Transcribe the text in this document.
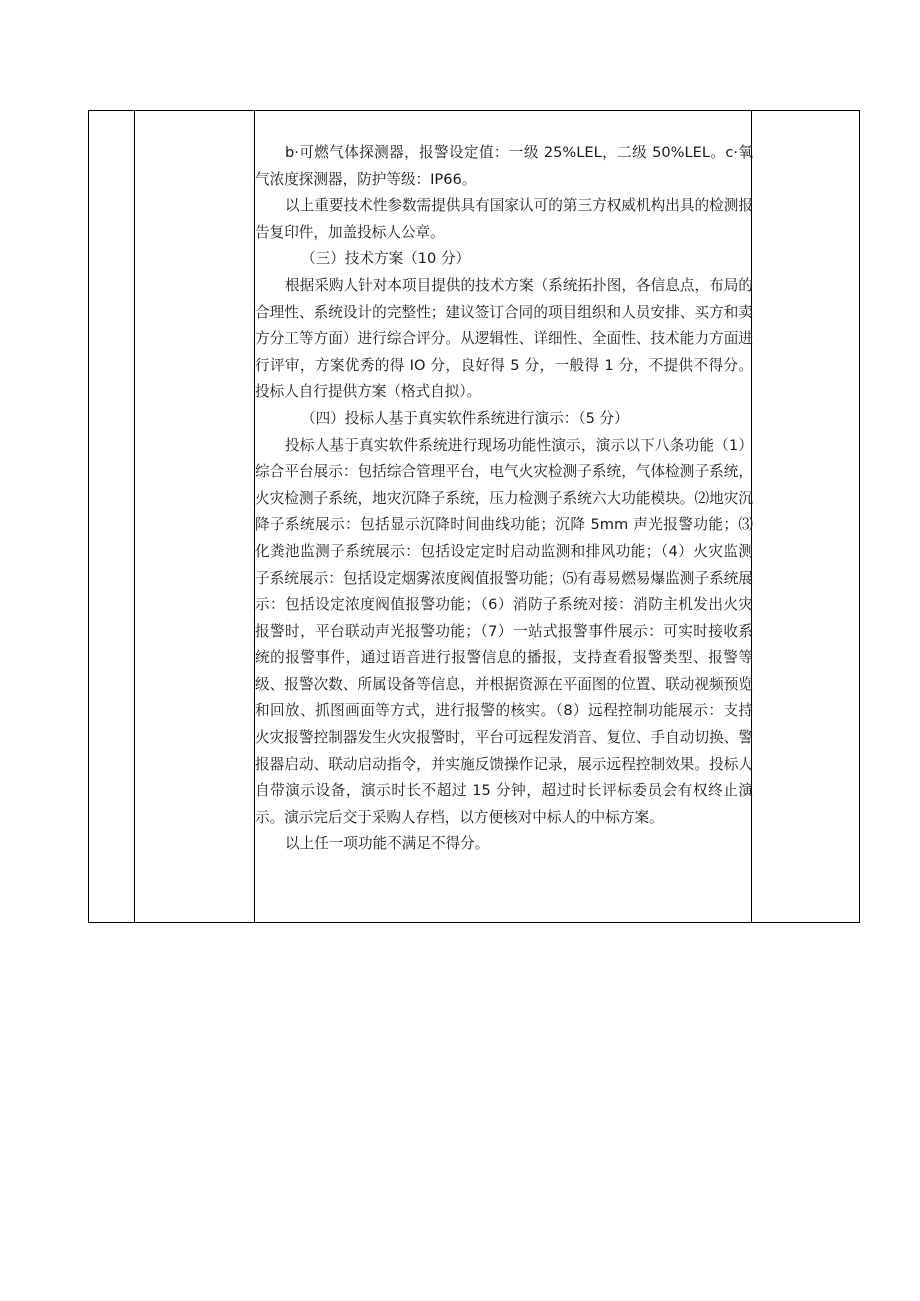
b·可燃气体探测器，报警设定值：一级 25%LEL，二级 50%LEL。c·氧气浓度探测器，防护等级：IP66。

以上重要技术性参数需提供具有国家认可的第三方权威机构出具的检测报告复印件，加盖投标人公章。

（三）技术方案（10 分）

根据采购人针对本项目提供的技术方案（系统拓扑图，各信息点，布局的合理性、系统设计的完整性；建议签订合同的项目组织和人员安排、买方和卖方分工等方面）进行综合评分。从逻辑性、详细性、全面性、技术能力方面进行评审，方案优秀的得 IO 分，良好得 5 分，一般得 1 分，不提供不得分。投标人自行提供方案（格式自拟）。

（四）投标人基于真实软件系统进行演示：（5 分）

投标人基于真实软件系统进行现场功能性演示，演示以下八条功能（1）综合平台展示：包括综合管理平台，电气火灾检测子系统，气体检测子系统，火灾检测子系统，地灾沉降子系统，压力检测子系统六大功能模块。⑵地灾沉降子系统展示：包括显示沉降时间曲线功能；沉降 5mm 声光报警功能；⑶化粪池监测子系统展示：包括设定定时启动监测和排风功能；（4）火灾监测子系统展示：包括设定烟雾浓度阀值报警功能；⑸有毒易燃易爆监测子系统展示：包括设定浓度阀值报警功能；（6）消防子系统对接：消防主机发出火灾报警时，平台联动声光报警功能；（7）一站式报警事件展示：可实时接收系统的报警事件，通过语音进行报警信息的播报，支持查看报警类型、报警等级、报警次数、所属设备等信息，并根据资源在平面图的位置、联动视频预览和回放、抓图画面等方式，进行报警的核实。（8）远程控制功能展示：支持火灾报警控制器发生火灾报警时，平台可远程发消音、复位、手自动切换、警报器启动、联动启动指令，并实施反馈操作记录，展示远程控制效果。投标人自带演示设备，演示时长不超过 15 分钟，超过时长评标委员会有权终止演示。演示完后交于采购人存档，以方便核对中标人的中标方案。

以上任一项功能不满足不得分。
